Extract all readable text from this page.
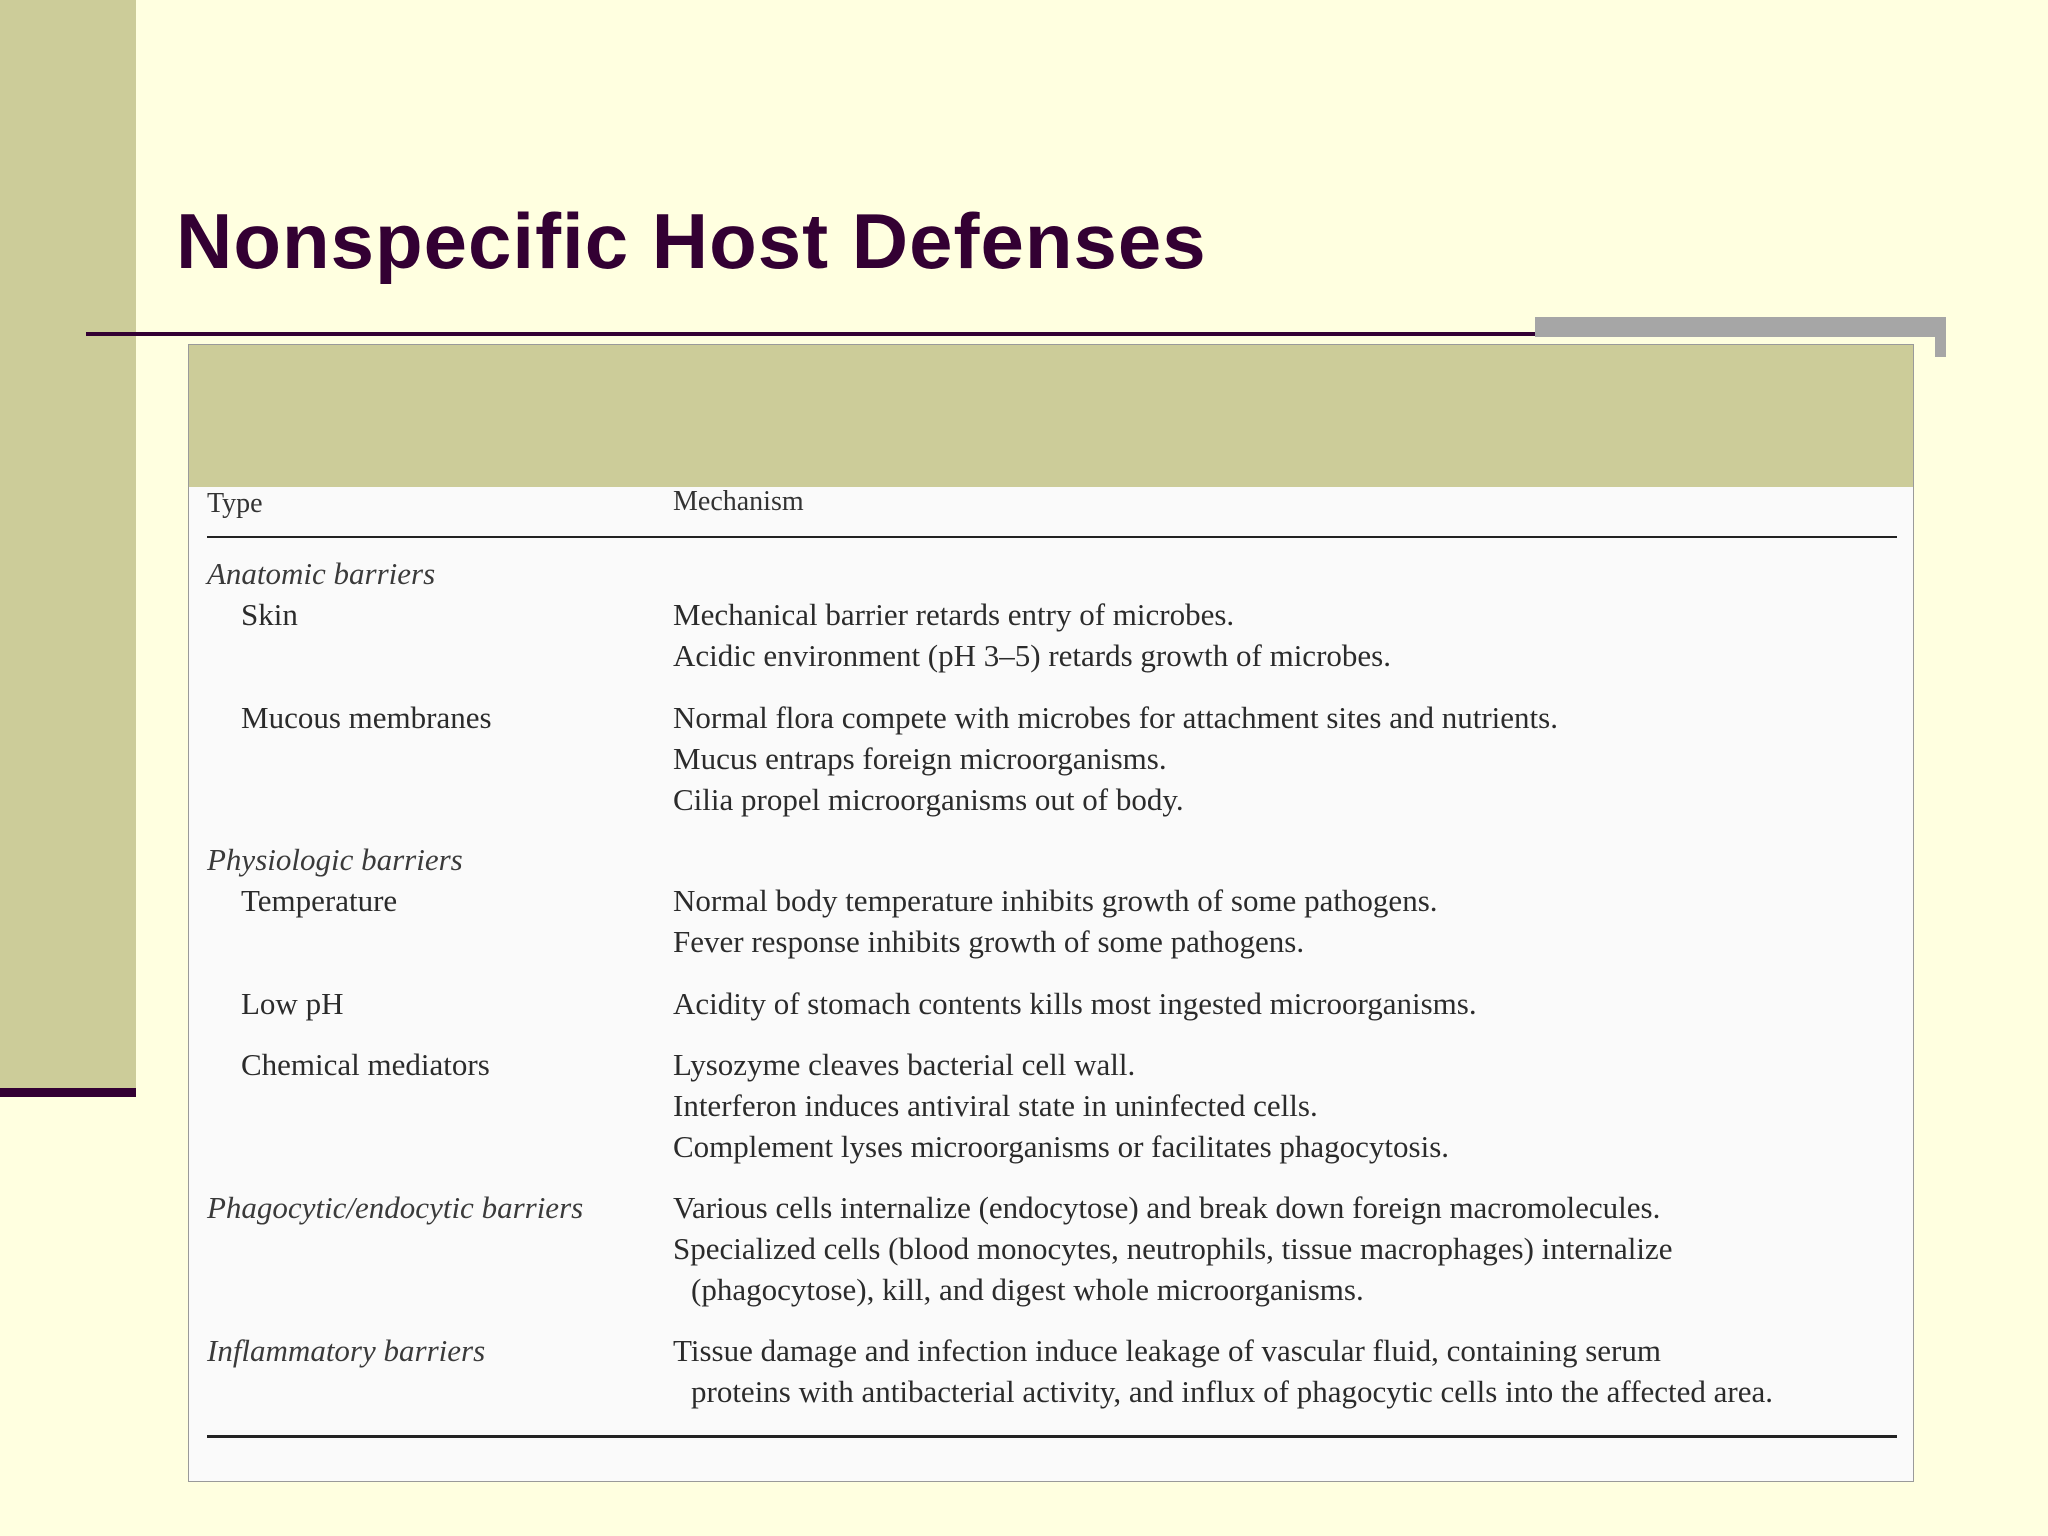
Nonspecific Host Defenses
Type	Mechanism
Anatomic barriers
Skin	Mechanical barrier retards entry of microbes.
Acidic environment (pH 3–5) retards growth of microbes.
Mucous membranes	Normal flora compete with microbes for attachment sites and nutrients.
Mucus entraps foreign microorganisms.
Cilia propel microorganisms out of body.
Physiologic barriers
Temperature	Normal body temperature inhibits growth of some pathogens.
Fever response inhibits growth of some pathogens.
Low pH	Acidity of stomach contents kills most ingested microorganisms.
Chemical mediators	Lysozyme cleaves bacterial cell wall.
Interferon induces antiviral state in uninfected cells.
Complement lyses microorganisms or facilitates phagocytosis.
Phagocytic/endocytic barriers	Various cells internalize (endocytose) and break down foreign macromolecules.
Specialized cells (blood monocytes, neutrophils, tissue macrophages) internalize
(phagocytose), kill, and digest whole microorganisms.
Inflammatory barriers	Tissue damage and infection induce leakage of vascular fluid, containing serum
proteins with antibacterial activity, and influx of phagocytic cells into the affected area.
